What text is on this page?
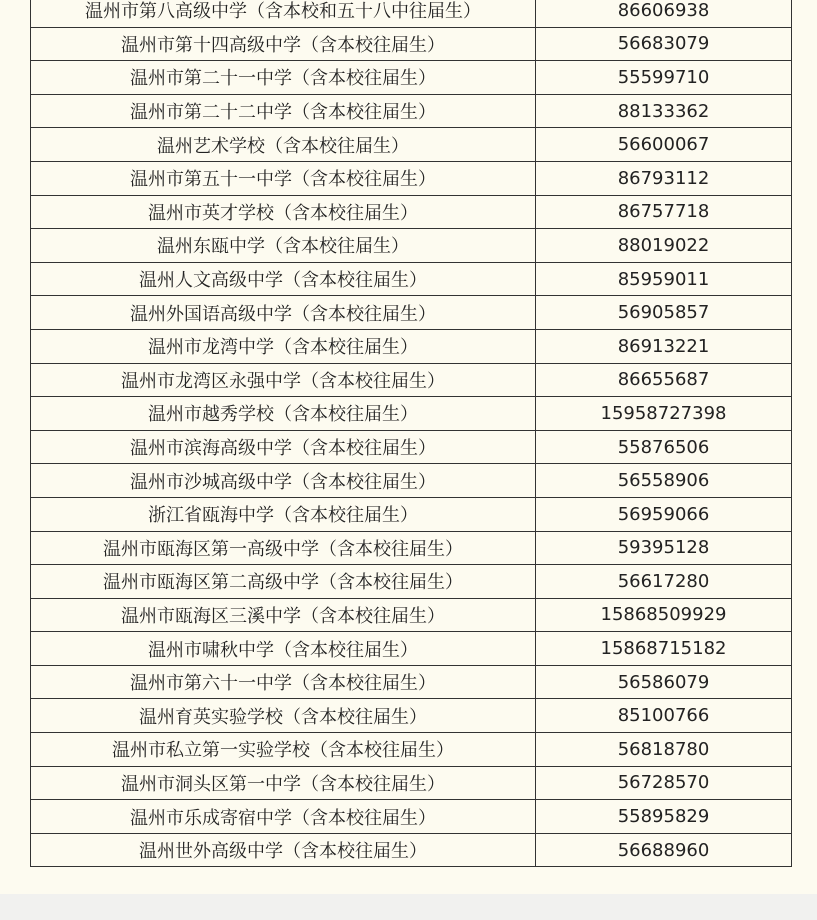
温州市第八高级中学（含本校和五十八中往届生）	86606938
温州市第十四高级中学（含本校往届生）	56683079
温州市第二十一中学（含本校往届生）	55599710
温州市第二十二中学（含本校往届生）	88133362
温州艺术学校（含本校往届生）	56600067
温州市第五十一中学（含本校往届生）	86793112
温州市英才学校（含本校往届生）	86757718
温州东瓯中学（含本校往届生）	88019022
温州人文高级中学（含本校往届生）	85959011
温州外国语高级中学（含本校往届生）	56905857
温州市龙湾中学（含本校往届生）	86913221
温州市龙湾区永强中学（含本校往届生）	86655687
温州市越秀学校（含本校往届生）	15958727398
温州市滨海高级中学（含本校往届生）	55876506
温州市沙城高级中学（含本校往届生）	56558906
浙江省瓯海中学（含本校往届生）	56959066
温州市瓯海区第一高级中学（含本校往届生）	59395128
温州市瓯海区第二高级中学（含本校往届生）	56617280
温州市瓯海区三溪中学（含本校往届生）	15868509929
温州市啸秋中学（含本校往届生）	15868715182
温州市第六十一中学（含本校往届生）	56586079
温州育英实验学校（含本校往届生）	85100766
温州市私立第一实验学校（含本校往届生）	56818780
温州市洞头区第一中学（含本校往届生）	56728570
温州市乐成寄宿中学（含本校往届生）	55895829
温州世外高级中学（含本校往届生）	56688960
